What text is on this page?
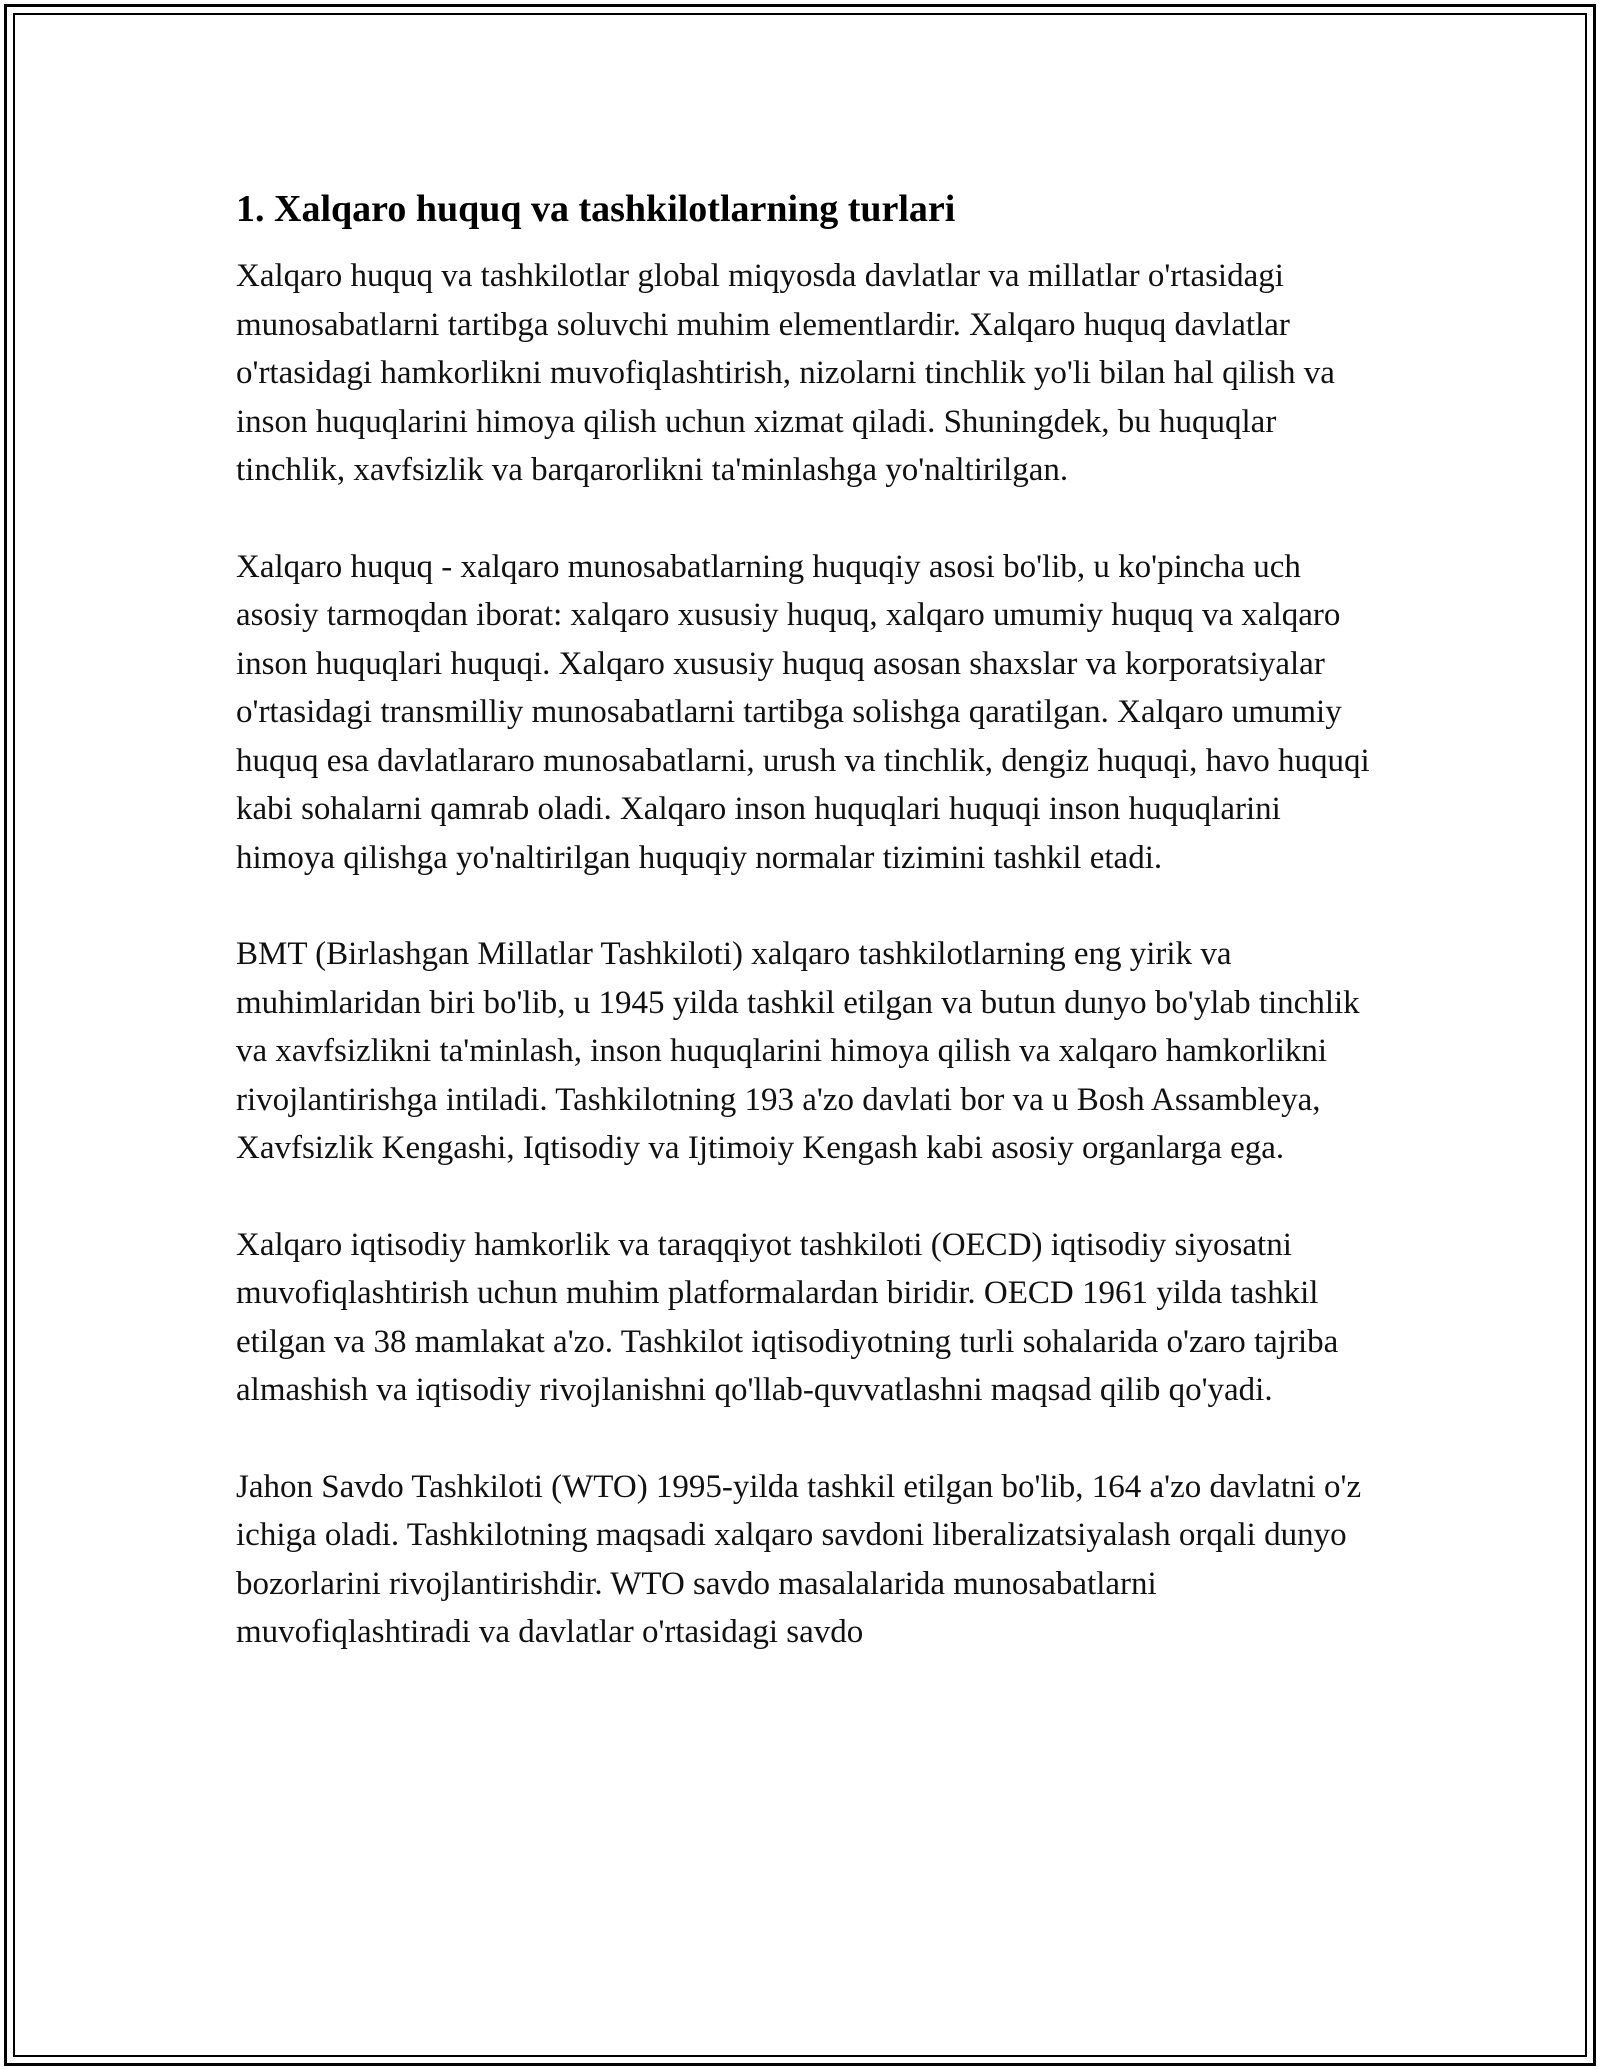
1. Xalqaro huquq va tashkilotlarning turlari

Xalqaro huquq va tashkilotlar global miqyosda davlatlar va millatlar o'rtasidagi munosabatlarni tartibga soluvchi muhim elementlardir. Xalqaro huquq davlatlar o'rtasidagi hamkorlikni muvofiqlashtirish, nizolarni tinchlik yo'li bilan hal qilish va inson huquqlarini himoya qilish uchun xizmat qiladi. Shuningdek, bu huquqlar tinchlik, xavfsizlik va barqarorlikni ta'minlashga yo'naltirilgan.

Xalqaro huquq - xalqaro munosabatlarning huquqiy asosi bo'lib, u ko'pincha uch asosiy tarmoqdan iborat: xalqaro xususiy huquq, xalqaro umumiy huquq va xalqaro inson huquqlari huquqi. Xalqaro xususiy huquq asosan shaxslar va korporatsiyalar o'rtasidagi transmilliy munosabatlarni tartibga solishga qaratilgan. Xalqaro umumiy huquq esa davlatlararo munosabatlarni, urush va tinchlik, dengiz huquqi, havo huquqi kabi sohalarni qamrab oladi. Xalqaro inson huquqlari huquqi inson huquqlarini himoya qilishga yo'naltirilgan huquqiy normalar tizimini tashkil etadi.

BMT (Birlashgan Millatlar Tashkiloti) xalqaro tashkilotlarning eng yirik va muhimlaridan biri bo'lib, u 1945 yilda tashkil etilgan va butun dunyo bo'ylab tinchlik va xavfsizlikni ta'minlash, inson huquqlarini himoya qilish va xalqaro hamkorlikni rivojlantirishga intiladi. Tashkilotning 193 a'zo davlati bor va u Bosh Assambleya, Xavfsizlik Kengashi, Iqtisodiy va Ijtimoiy Kengash kabi asosiy organlarga ega.

Xalqaro iqtisodiy hamkorlik va taraqqiyot tashkiloti (OECD) iqtisodiy siyosatni muvofiqlashtirish uchun muhim platformalardan biridir. OECD 1961 yilda tashkil etilgan va 38 mamlakat a'zo. Tashkilot iqtisodiyotning turli sohalarida o'zaro tajriba almashish va iqtisodiy rivojlanishni qo'llab-quvvatlashni maqsad qilib qo'yadi.

Jahon Savdo Tashkiloti (WTO) 1995-yilda tashkil etilgan bo'lib, 164 a'zo davlatni o'z ichiga oladi. Tashkilotning maqsadi xalqaro savdoni liberalizatsiyalash orqali dunyo bozorlarini rivojlantirishdir. WTO savdo masalalarida munosabatlarni muvofiqlashtiradi va davlatlar o'rtasidagi savdo
